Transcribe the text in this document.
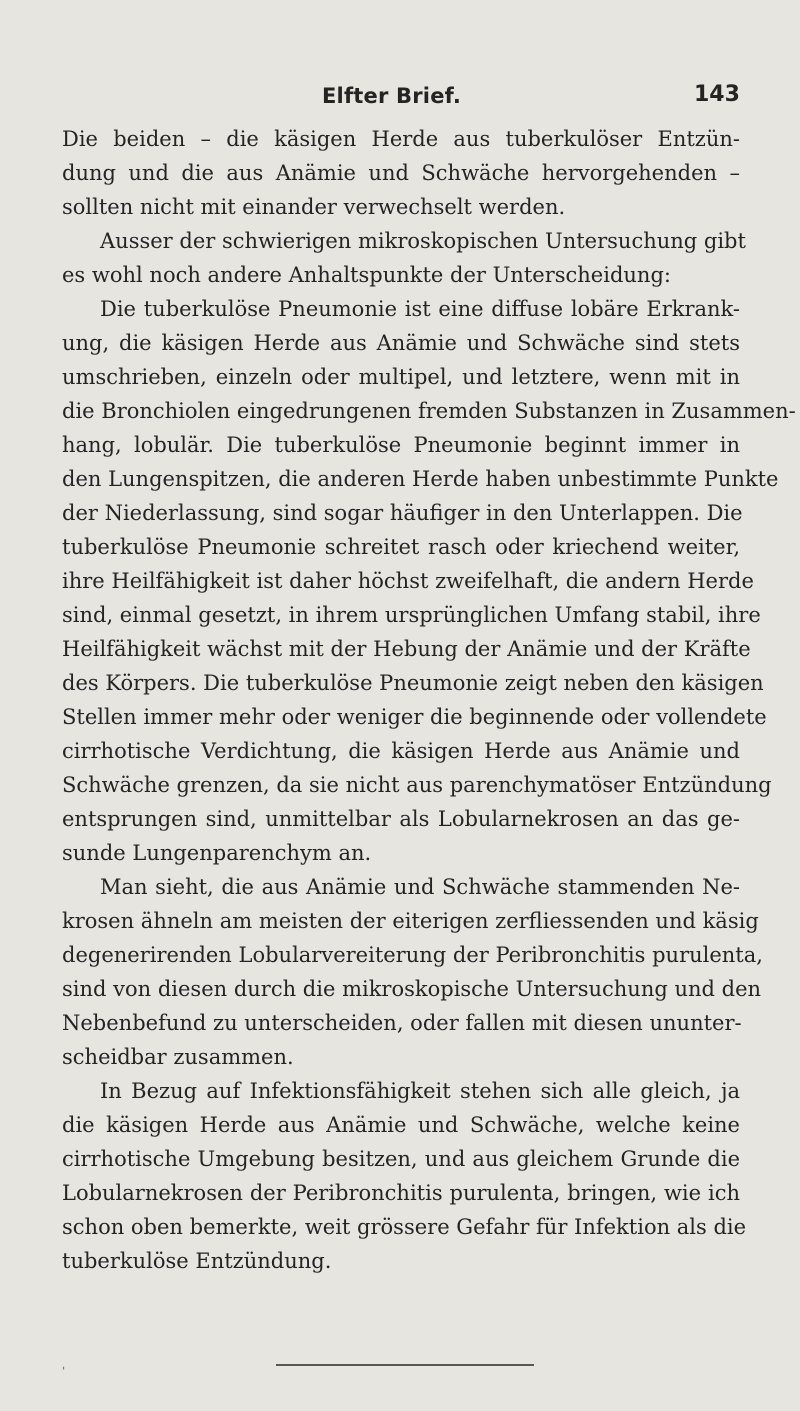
Elfter Brief.	143
Die beiden – die käsigen Herde aus tuberkulöser Entzün-
dung und die aus Anämie und Schwäche hervorgehenden –
sollten nicht mit einander verwechselt werden.
Ausser der schwierigen mikroskopischen Untersuchung gibt
es wohl noch andere Anhaltspunkte der Unterscheidung:
Die tuberkulöse Pneumonie ist eine diffuse lobäre Erkrank-
ung, die käsigen Herde aus Anämie und Schwäche sind stets
umschrieben, einzeln oder multipel, und letztere, wenn mit in
die Bronchiolen eingedrungenen fremden Substanzen in Zusammen-
hang, lobulär. Die tuberkulöse Pneumonie beginnt immer in
den Lungenspitzen, die anderen Herde haben unbestimmte Punkte
der Niederlassung, sind sogar häufiger in den Unterlappen. Die
tuberkulöse Pneumonie schreitet rasch oder kriechend weiter,
ihre Heilfähigkeit ist daher höchst zweifelhaft, die andern Herde
sind, einmal gesetzt, in ihrem ursprünglichen Umfang stabil, ihre
Heilfähigkeit wächst mit der Hebung der Anämie und der Kräfte
des Körpers. Die tuberkulöse Pneumonie zeigt neben den käsigen
Stellen immer mehr oder weniger die beginnende oder vollendete
cirrhotische Verdichtung, die käsigen Herde aus Anämie und
Schwäche grenzen, da sie nicht aus parenchymatöser Entzündung
entsprungen sind, unmittelbar als Lobularnekrosen an das ge-
sunde Lungenparenchym an.
Man sieht, die aus Anämie und Schwäche stammenden Ne-
krosen ähneln am meisten der eiterigen zerfliessenden und käsig
degenerirenden Lobularvereiterung der Peribronchitis purulenta,
sind von diesen durch die mikroskopische Untersuchung und den
Nebenbefund zu unterscheiden, oder fallen mit diesen ununter-
scheidbar zusammen.
In Bezug auf Infektionsfähigkeit stehen sich alle gleich, ja
die käsigen Herde aus Anämie und Schwäche, welche keine
cirrhotische Umgebung besitzen, und aus gleichem Grunde die
Lobularnekrosen der Peribronchitis purulenta, bringen, wie ich
schon oben bemerkte, weit grössere Gefahr für Infektion als die
tuberkulöse Entzündung.
ˌ
